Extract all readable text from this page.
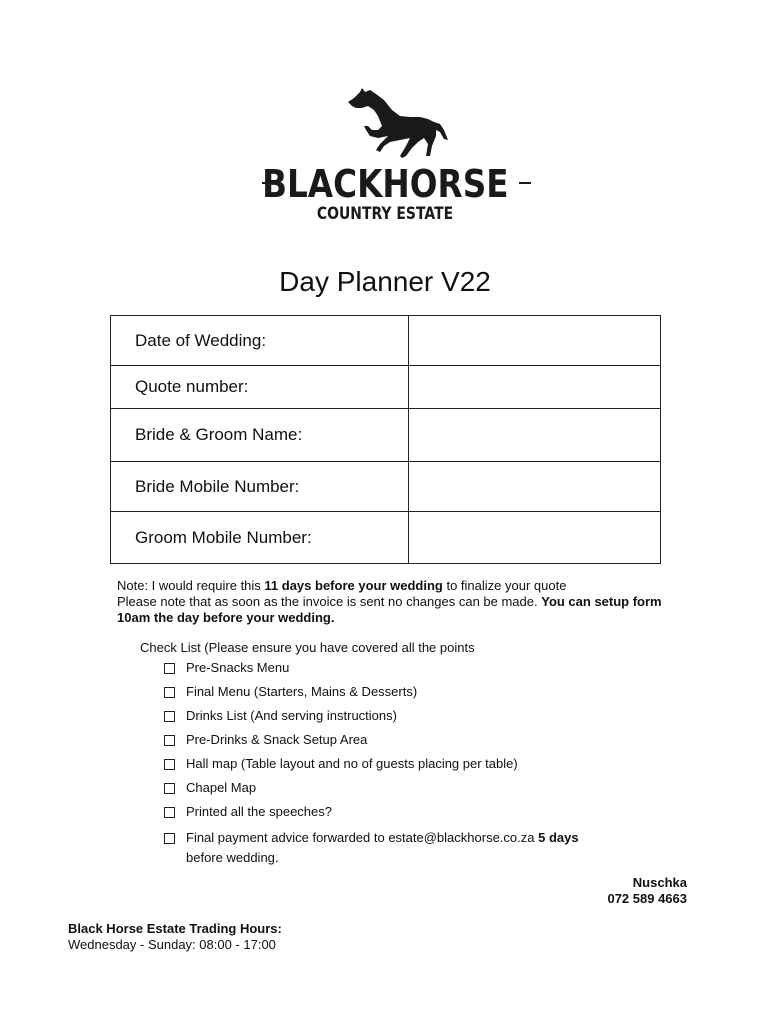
BLACKHORSE
COUNTRY ESTATE
Day Planner V22
Date of Wedding:	
Quote number:	
Bride & Groom Name:	
Bride Mobile Number:	
Groom Mobile Number:	
Note: I would require this 11 days before your wedding to finalize your quote
Please note that as soon as the invoice is sent no changes can be made. You can setup form 10am the day before your wedding.
Check List (Please ensure you have covered all the points
Pre-Snacks Menu
Final Menu (Starters, Mains & Desserts)
Drinks List (And serving instructions)
Pre-Drinks & Snack Setup Area
Hall map (Table layout and no of guests placing per table)
Chapel Map
Printed all the speeches?
Final payment advice forwarded to estate@blackhorse.co.za 5 days
before wedding.
Nuschka
072 589 4663
Black Horse Estate Trading Hours:
Wednesday - Sunday: 08:00 - 17:00
